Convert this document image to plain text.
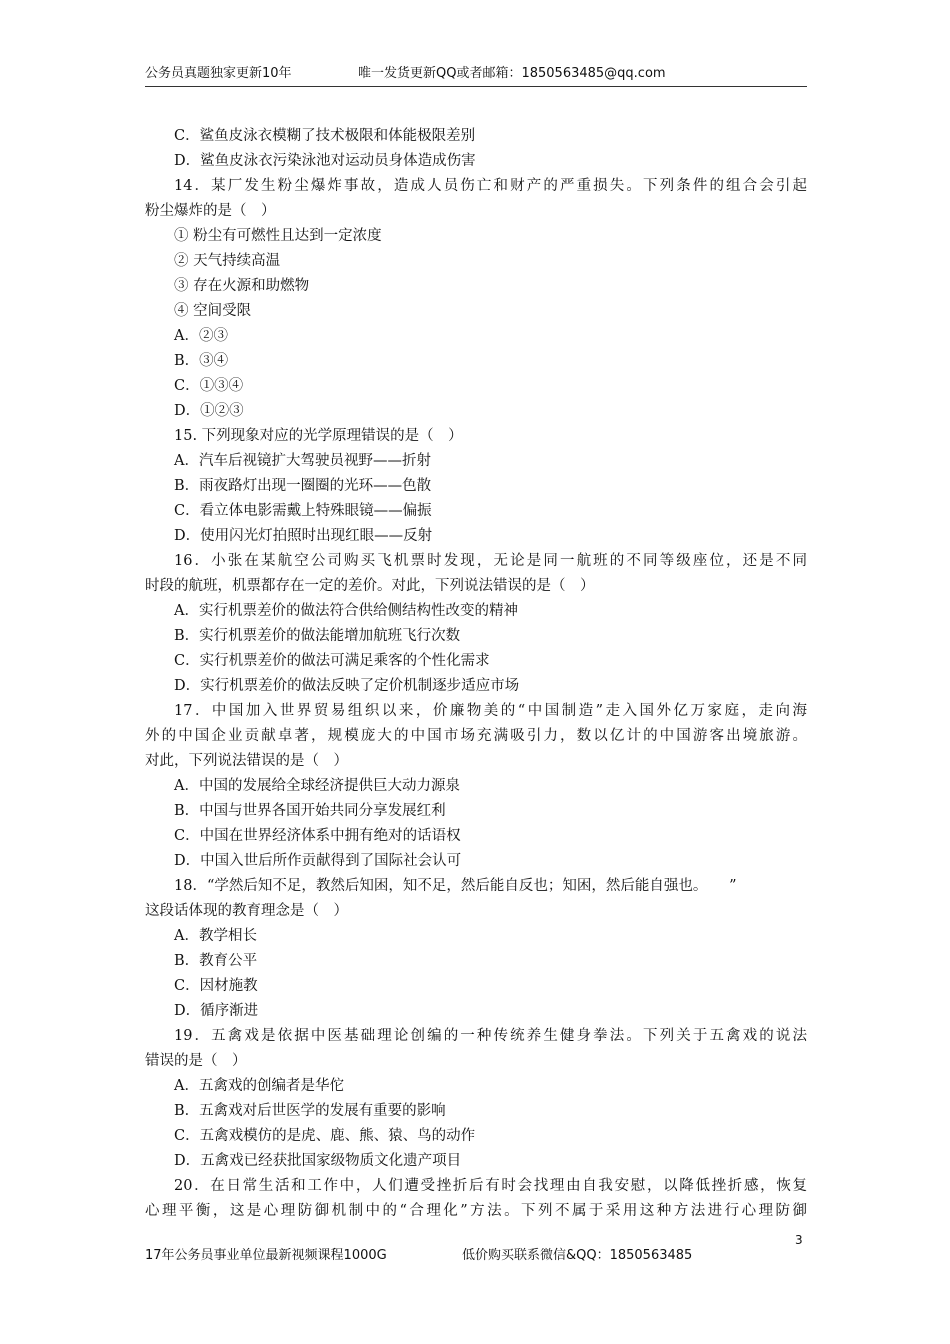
公务员真题独家更新10年	唯一发货更新QQ或者邮箱：1850563485@qq.com
C．鲨鱼皮泳衣模糊了技术极限和体能极限差别
D．鲨鱼皮泳衣污染泳池对运动员身体造成伤害
14．某厂发生粉尘爆炸事故，造成人员伤亡和财产的严重损失。下列条件的组合会引起
粉尘爆炸的是（　）
① 粉尘有可燃性且达到一定浓度
② 天气持续高温
③ 存在火源和助燃物
④ 空间受限
A．②③
B．③④
C．①③④
D．①②③
15. 下列现象对应的光学原理错误的是（　）
A．汽车后视镜扩大驾驶员视野——折射
B．雨夜路灯出现一圈圈的光环——色散
C．看立体电影需戴上特殊眼镜——偏振
D．使用闪光灯拍照时出现红眼——反射
16．小张在某航空公司购买飞机票时发现，无论是同一航班的不同等级座位，还是不同
时段的航班，机票都存在一定的差价。对此，下列说法错误的是（　）
A．实行机票差价的做法符合供给侧结构性改变的精神
B．实行机票差价的做法能增加航班飞行次数
C．实行机票差价的做法可满足乘客的个性化需求
D．实行机票差价的做法反映了定价机制逐步适应市场
17．中国加入世界贸易组织以来，价廉物美的“中国制造”走入国外亿万家庭，走向海
外的中国企业贡献卓著，规模庞大的中国市场充满吸引力，数以亿计的中国游客出境旅游。
对此，下列说法错误的是（　）
A．中国的发展给全球经济提供巨大动力源泉
B．中国与世界各国开始共同分享发展红利
C．中国在世界经济体系中拥有绝对的话语权
D．中国入世后所作贡献得到了国际社会认可
18．“学然后知不足，教然后知困，知不足，然后能自反也；知困，然后能自强也。　　”
这段话体现的教育理念是（　）
A．教学相长
B．教育公平
C．因材施教
D．循序渐进
19．五禽戏是依据中医基础理论创编的一种传统养生健身拳法。下列关于五禽戏的说法
错误的是（　）
A．五禽戏的创编者是华佗
B．五禽戏对后世医学的发展有重要的影响
C．五禽戏模仿的是虎、鹿、熊、猿、鸟的动作
D．五禽戏已经获批国家级物质文化遗产项目
20．在日常生活和工作中，人们遭受挫折后有时会找理由自我安慰，以降低挫折感，恢复
心理平衡，这是心理防御机制中的“合理化”方法。下列不属于采用这种方法进行心理防御
3
17年公务员事业单位最新视频课程1000G	低价购买联系微信&QQ：1850563485
